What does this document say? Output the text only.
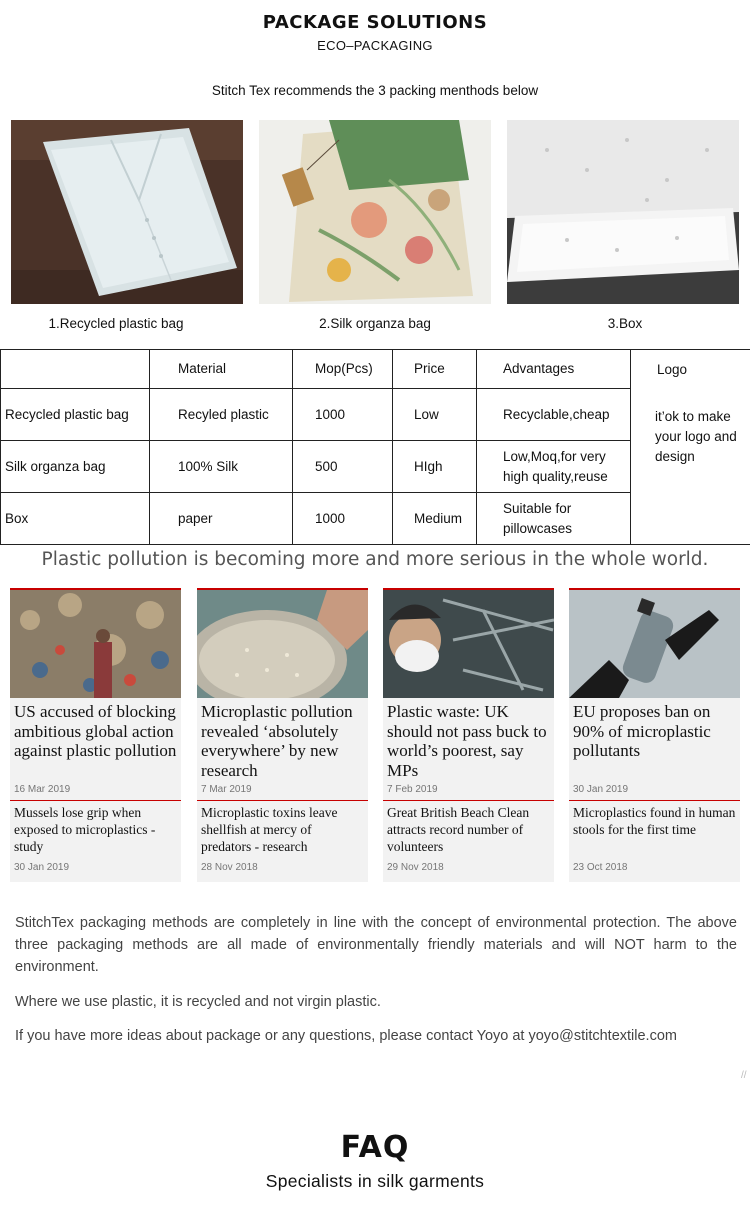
PACKAGE SOLUTIONS
ECO–PACKAGING
Stitch Tex recommends the 3 packing menthods below
1.Recycled plastic bag	2.Silk organza bag	3.Box
	Material	Mop(Pcs)	Price	Advantages	Logo
it’ok to make your logo and design

Recycled plastic bag	Recyled plastic	1000	Low	Recyclable,cheap	
Silk organza bag	100% Silk	500	HIgh	Low,Moq,for very high quality,reuse	
Box	paper	1000	Medium	Suitable for pillowcases	
Plastic pollution is becoming more and more serious in the whole world.
US accused of blocking ambitious global action against plastic pollution
16 Mar 2019
Mussels lose grip when exposed to microplastics - study
30 Jan 2019
Microplastic pollution revealed ‘absolutely everywhere’ by new research
7 Mar 2019
Microplastic toxins leave shellfish at mercy of predators - research
28 Nov 2018
Plastic waste: UK should not pass buck to world’s poorest, say MPs
7 Feb 2019
Great British Beach Clean attracts record number of volunteers
29 Nov 2018
EU proposes ban on 90% of microplastic pollutants
30 Jan 2019
Microplastics found in human stools for the first time
23 Oct 2018
StitchTex packaging methods are completely in line with the concept of environmental protection. The above three packaging methods are all made of environmentally friendly materials and will NOT harm to the environment.
Where we use plastic, it is recycled and not virgin plastic.
If you have more ideas about package or any questions, please contact Yoyo at yoyo@stitchtextile.com
//
FAQ
Specialists in silk garments
